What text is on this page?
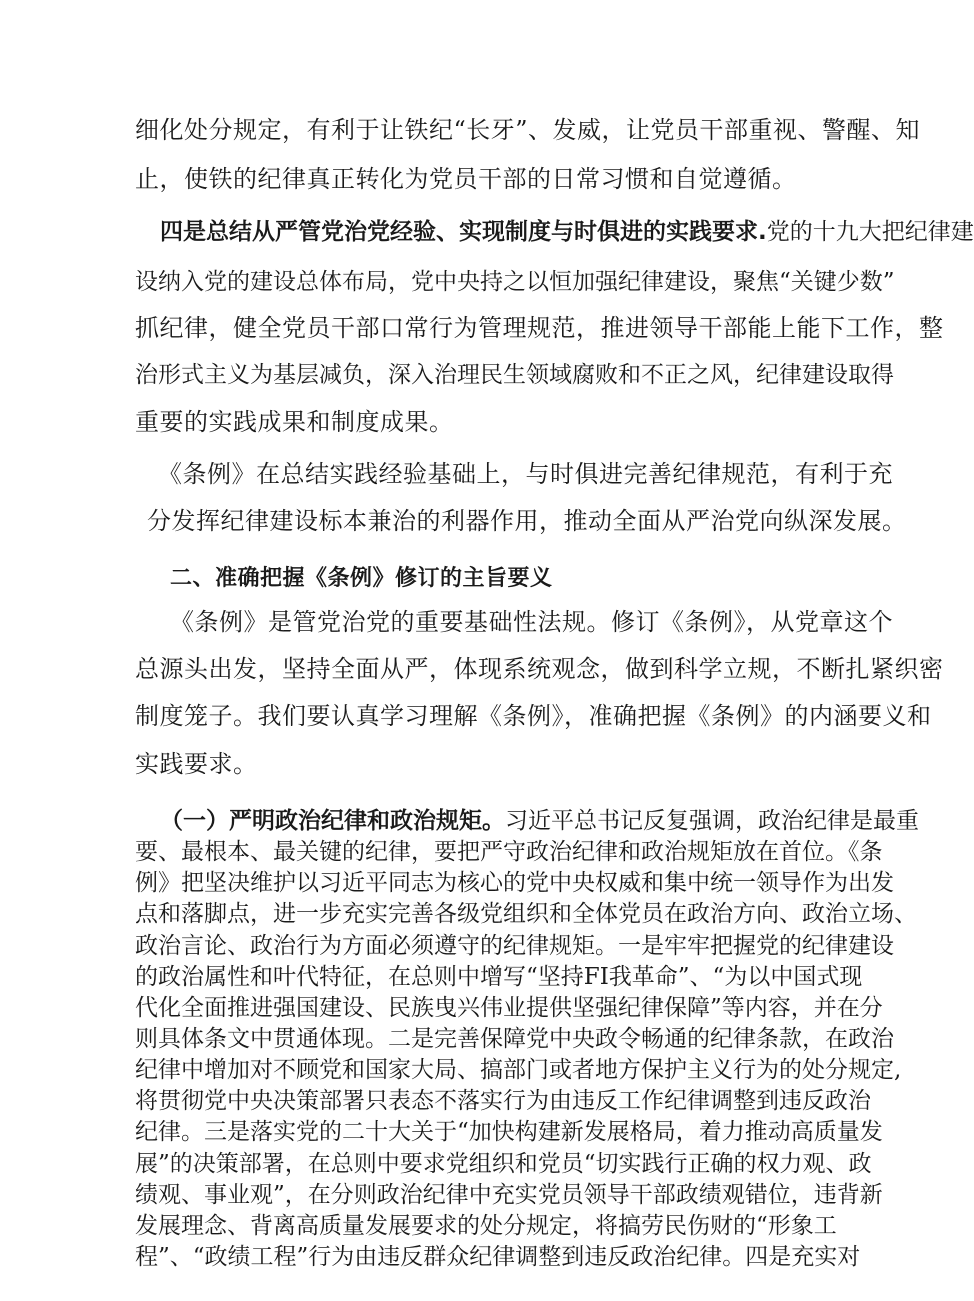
细化处分规定，有利于让铁纪“长牙”、发威，让党员干部重视、警醒、知
止，使铁的纪律真正转化为党员干部的日常习惯和自觉遵循。
四是总结从严管党治党经验、实现制度与时俱进的实践要求.党的十九大把纪律建
设纳入党的建设总体布局，党中央持之以恒加强纪律建设，聚焦“关键少数”
抓纪律，健全党员干部口常行为管理规范，推进领导干部能上能下工作，整
治形式主义为基层减负，深入治理民生领域腐败和不正之风，纪律建设取得
重要的实践成果和制度成果。
《条例》在总结实践经验基础上，与时俱进完善纪律规范，有利于充
分发挥纪律建设标本兼治的利器作用，推动全面从严治党向纵深发展。
二、准确把握《条例》修订的主旨要义
《条例》是管党治党的重要基础性法规。修订《条例》，从党章这个
总源头出发，坚持全面从严，体现系统观念，做到科学立规，不断扎紧织密
制度笼子。我们要认真学习理解《条例》，准确把握《条例》的内涵要义和
实践要求。
（一）严明政治纪律和政治规矩。习近平总书记反复强调，政治纪律是最重
要、最根本、最关键的纪律，要把严守政治纪律和政治规矩放在首位。《条
例》把坚决维护以习近平同志为核心的党中央权威和集中统一领导作为出发
点和落脚点，进一步充实完善各级党组织和全体党员在政治方向、政治立场、
政治言论、政治行为方面必须遵守的纪律规矩。一是牢牢把握党的纪律建设
的政治属性和叶代特征，在总则中增写“坚持FI我革命”、“为以中国式现
代化全面推进强国建设、民族曳兴伟业提供坚强纪律保障”等内容，并在分
则具体条文中贯通体现。二是完善保障党中央政令畅通的纪律条款，在政治
纪律中增加对不顾党和国家大局、搞部门或者地方保护主义行为的处分规定,
将贯彻党中央决策部署只表态不落实行为由违反工作纪律调整到违反政治
纪律。三是落实党的二十大关于“加快构建新发展格局，着力推动高质量发
展”的决策部署，在总则中要求党组织和党员“切实践行正确的权力观、政
绩观、事业观”，在分则政治纪律中充实党员领导干部政绩观错位，违背新
发展理念、背离高质量发展要求的处分规定，将搞劳民伤财的“形象工
程”、“政绩工程”行为由违反群众纪律调整到违反政治纪律。四是充实对
